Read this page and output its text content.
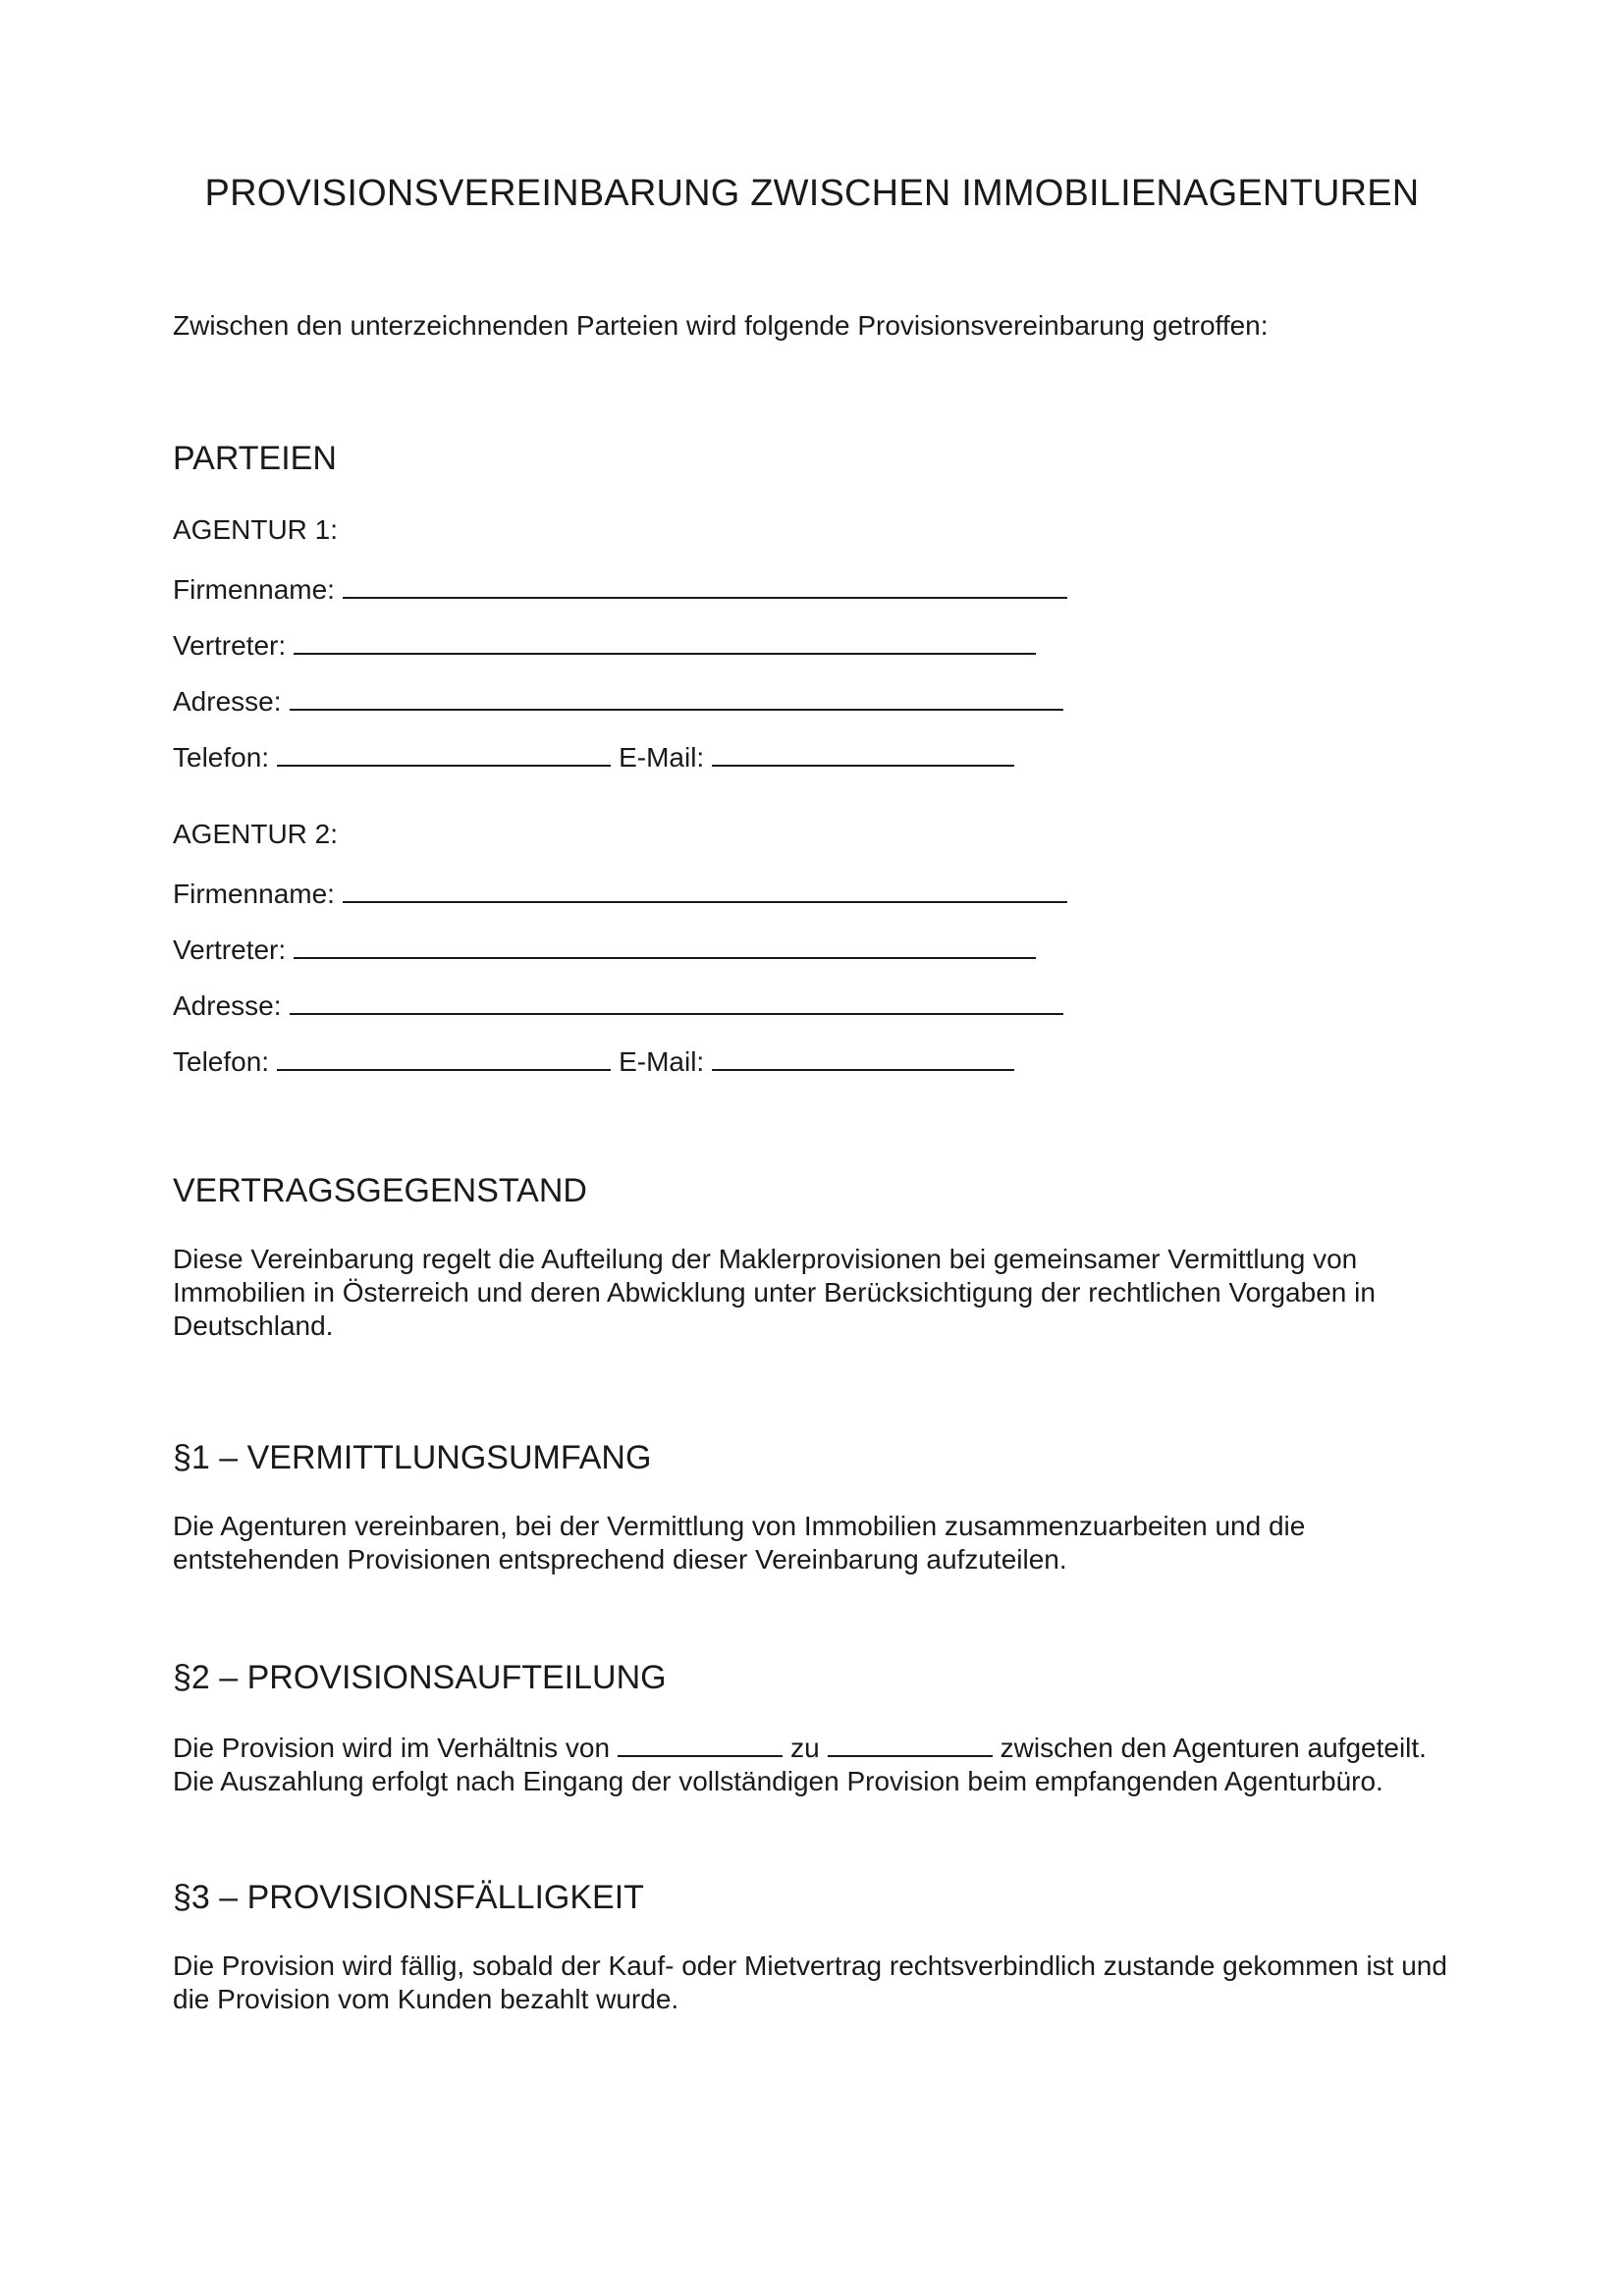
PROVISIONSVEREINBARUNG ZWISCHEN IMMOBILIENAGENTUREN
Zwischen den unterzeichnenden Parteien wird folgende Provisionsvereinbarung getroffen:
PARTEIEN
AGENTUR 1:
Firmenname:
Vertreter:
Adresse:
Telefon:	E-Mail:
AGENTUR 2:
Firmenname:
Vertreter:
Adresse:
Telefon:	E-Mail:
VERTRAGSGEGENSTAND
Diese Vereinbarung regelt die Aufteilung der Maklerprovisionen bei gemeinsamer Vermittlung von Immobilien in Österreich und deren Abwicklung unter Berücksichtigung der rechtlichen Vorgaben in Deutschland.
§1 – VERMITTLUNGSUMFANG
Die Agenturen vereinbaren, bei der Vermittlung von Immobilien zusammenzuarbeiten und die entstehenden Provisionen entsprechend dieser Vereinbarung aufzuteilen.
§2 – PROVISIONSAUFTEILUNG
Die Provision wird im Verhältnis von	zu	zwischen den Agenturen aufgeteilt.
Die Auszahlung erfolgt nach Eingang der vollständigen Provision beim empfangenden Agenturbüro.
§3 – PROVISIONSFÄLLIGKEIT
Die Provision wird fällig, sobald der Kauf- oder Mietvertrag rechtsverbindlich zustande gekommen ist und die Provision vom Kunden bezahlt wurde.
